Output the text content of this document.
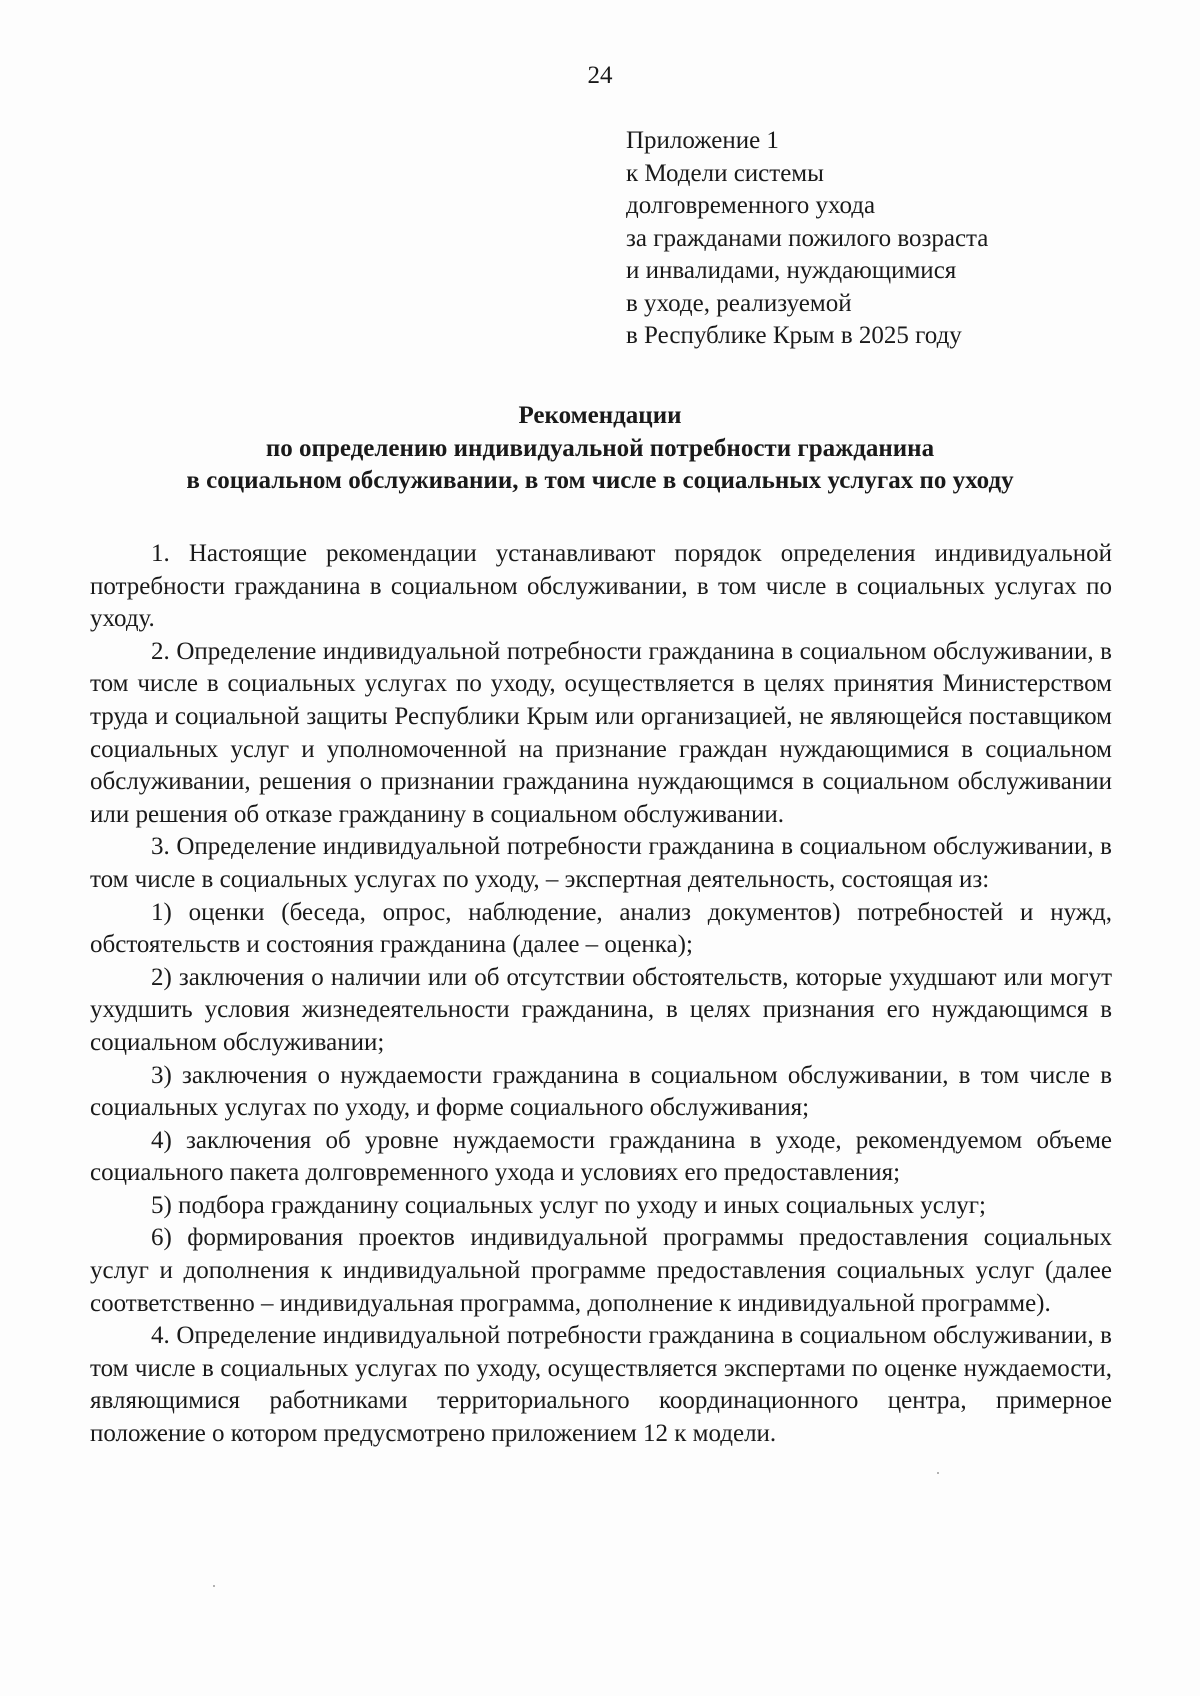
24
Приложение 1
к Модели системы
долговременного ухода
за гражданами пожилого возраста
и инвалидами, нуждающимися
в уходе, реализуемой
в Республике Крым в 2025 году
Рекомендации
по определению индивидуальной потребности гражданина
в социальном обслуживании, в том числе в социальных услугах по уходу

1. Настоящие рекомендации устанавливают порядок определения индивидуальной потребности гражданина в социальном обслуживании, в том числе в социальных услугах по уходу.

2. Определение индивидуальной потребности гражданина в социальном обслуживании, в том числе в социальных услугах по уходу, осуществляется в целях принятия Министерством труда и социальной защиты Республики Крым или организацией, не являющейся поставщиком социальных услуг и уполномоченной на признание граждан нуждающимися в социальном обслуживании, решения о признании гражданина нуждающимся в социальном обслуживании или решения об отказе гражданину в социальном обслуживании.

3. Определение индивидуальной потребности гражданина в социальном обслуживании, в том числе в социальных услугах по уходу, – экспертная деятельность, состоящая из:

1) оценки (беседа, опрос, наблюдение, анализ документов) потребностей и нужд, обстоятельств и состояния гражданина (далее – оценка);

2) заключения о наличии или об отсутствии обстоятельств, которые ухудшают или могут ухудшить условия жизнедеятельности гражданина, в целях признания его нуждающимся в социальном обслуживании;

3) заключения о нуждаемости гражданина в социальном обслуживании, в том числе в социальных услугах по уходу, и форме социального обслуживания;

4) заключения об уровне нуждаемости гражданина в уходе, рекомендуемом объеме социального пакета долговременного ухода и условиях его предоставления;

5) подбора гражданину социальных услуг по уходу и иных социальных услуг;

6) формирования проектов индивидуальной программы предоставления социальных услуг и дополнения к индивидуальной программе предоставления социальных услуг (далее соответственно – индивидуальная программа, дополнение к индивидуальной программе).

4. Определение индивидуальной потребности гражданина в социальном обслуживании, в том числе в социальных услугах по уходу, осуществляется экспертами по оценке нуждаемости, являющимися работниками территориального координационного центра, примерное положение о котором предусмотрено приложением 12 к модели.
